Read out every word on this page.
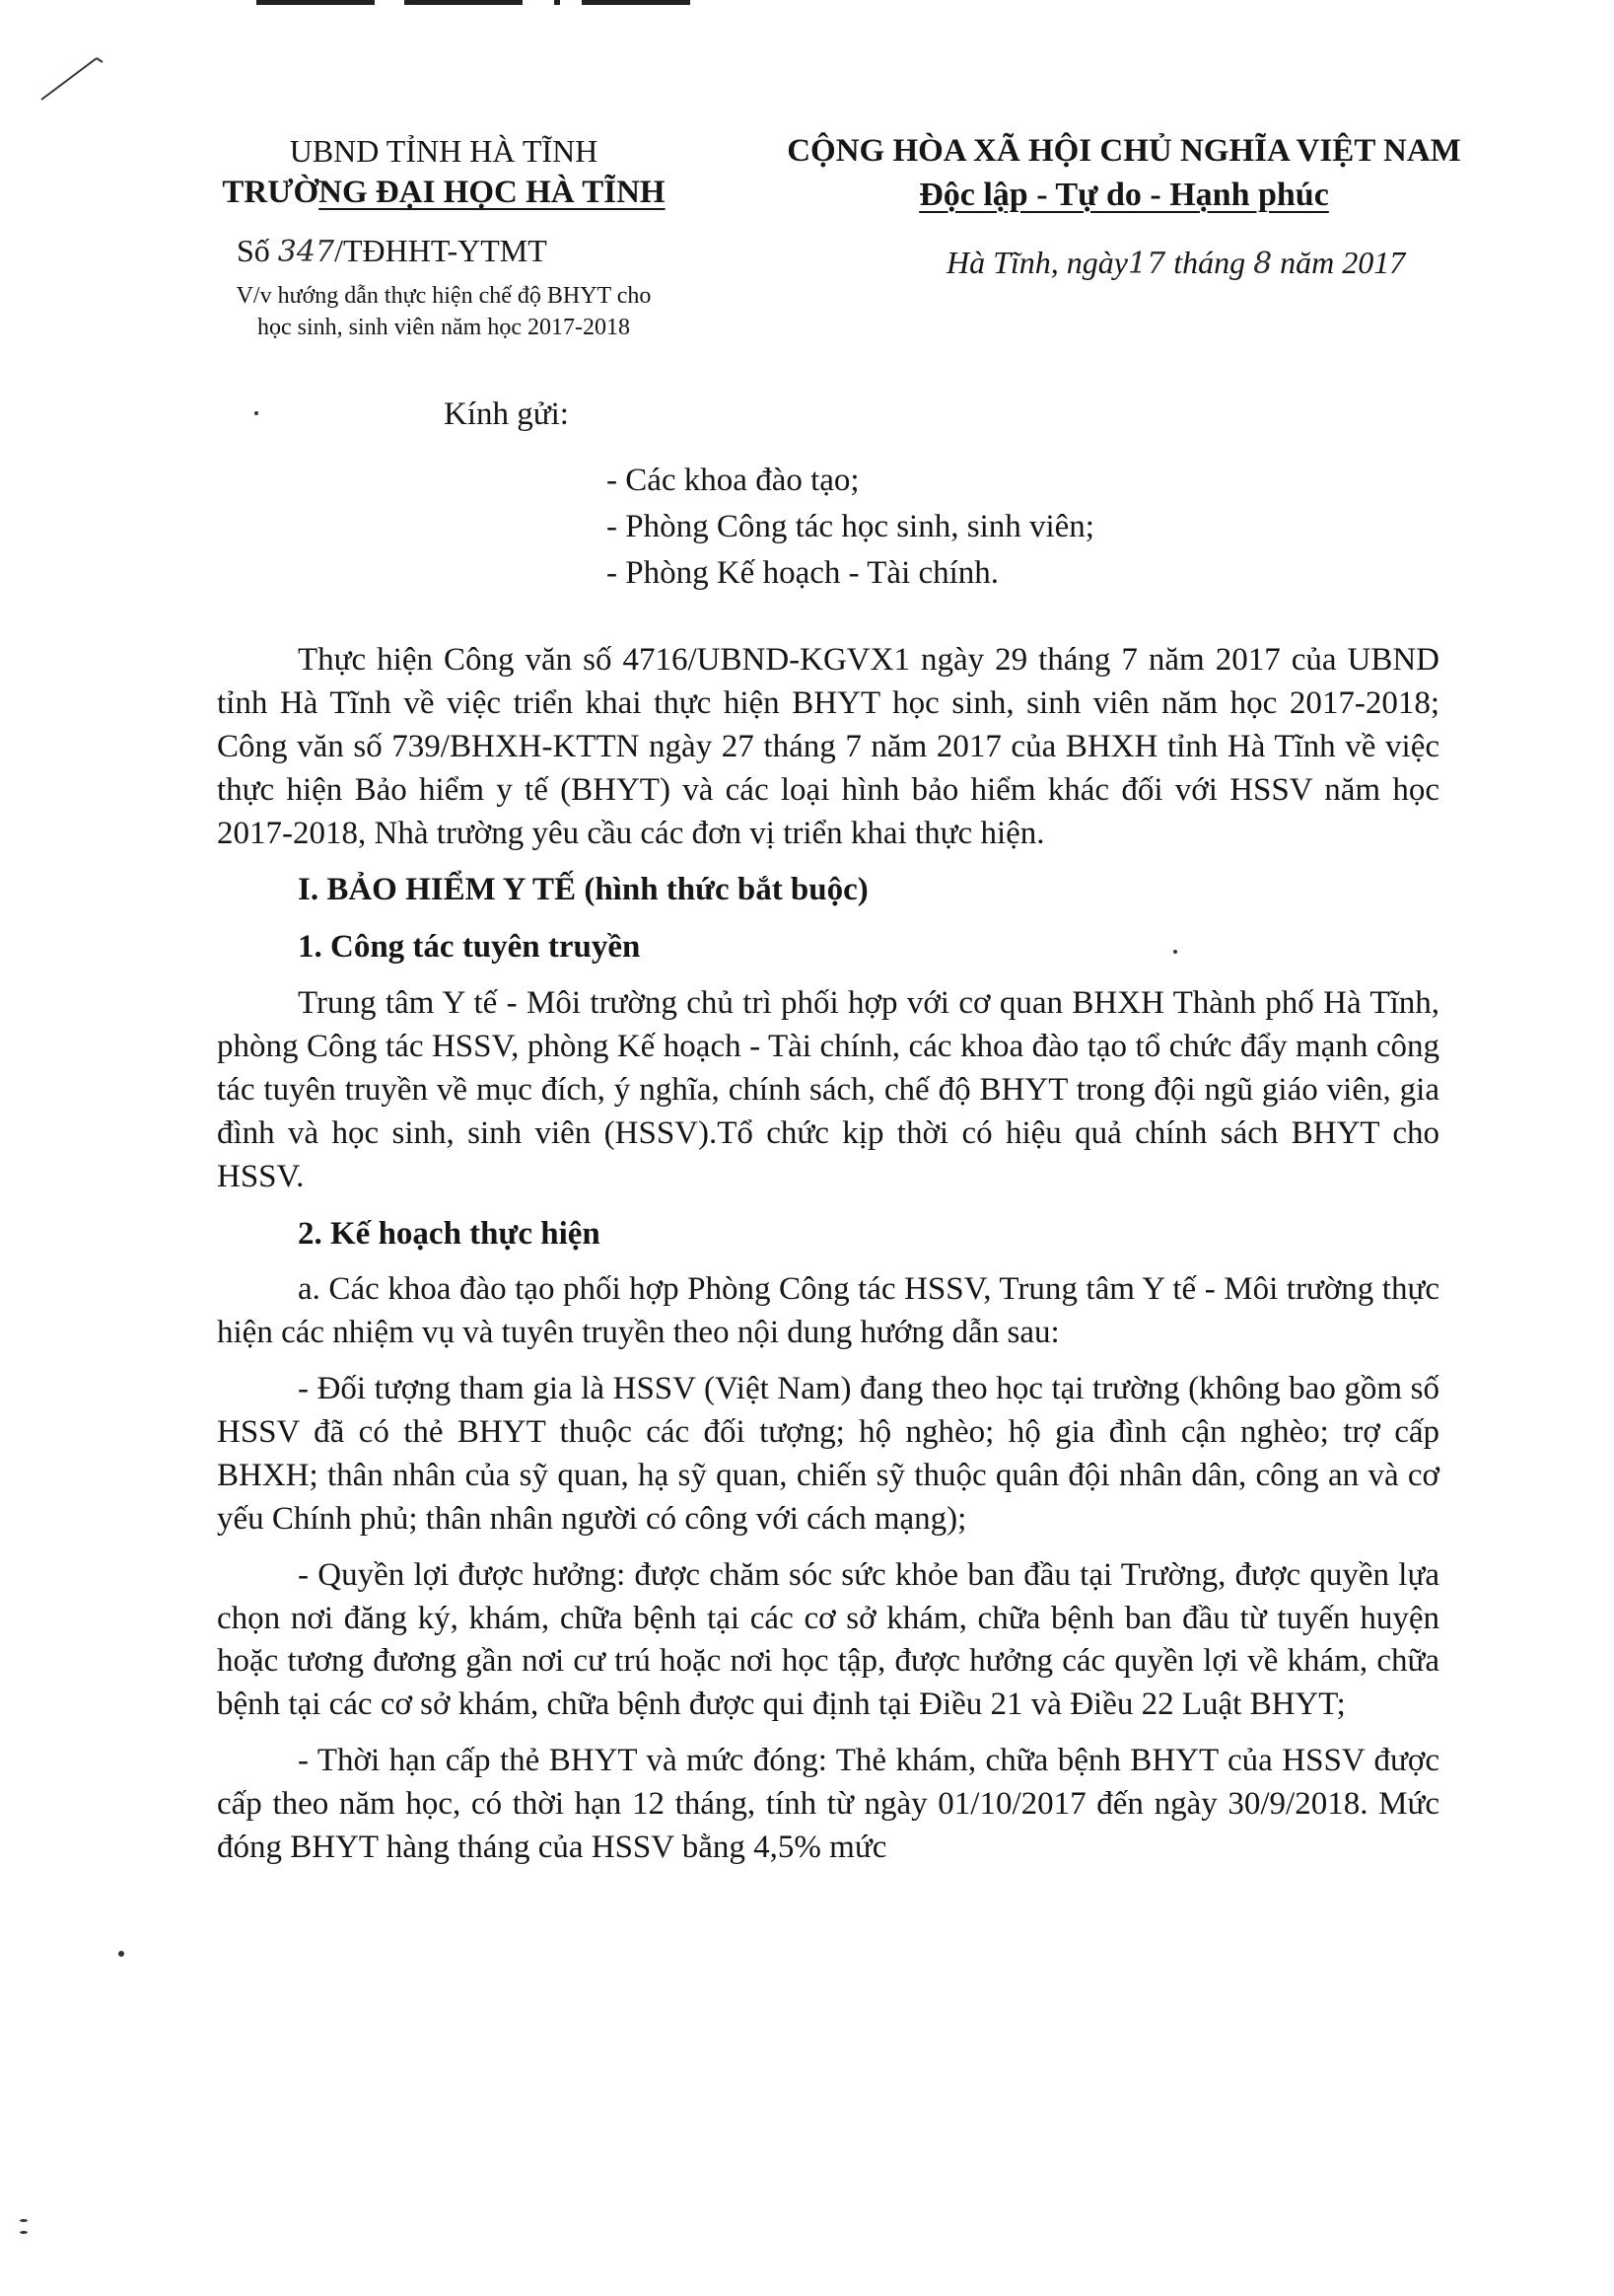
UBND TỈNH HÀ TĨNH
TRƯỜNG ĐẠI HỌC HÀ TĨNH
Số 347/TĐHHT-YTMT
V/v hướng dẫn thực hiện chế độ BHYT cho
học sinh, sinh viên năm học 2017-2018
CỘNG HÒA XÃ HỘI CHỦ NGHĨA VIỆT NAM
Độc lập - Tự do - Hạnh phúc
Hà Tĩnh, ngày17 tháng 8 năm 2017
Kính gửi:
- Các khoa đào tạo;
- Phòng Công tác học sinh, sinh viên;
- Phòng Kế hoạch - Tài chính.

Thực hiện Công văn số 4716/UBND-KGVX1 ngày 29 tháng 7 năm 2017 của UBND tỉnh Hà Tĩnh về việc triển khai thực hiện BHYT học sinh, sinh viên năm học 2017-2018; Công văn số 739/BHXH-KTTN ngày 27 tháng 7 năm 2017 của BHXH tỉnh Hà Tĩnh về việc thực hiện Bảo hiểm y tế (BHYT) và các loại hình bảo hiểm khác đối với HSSV năm học 2017-2018, Nhà trường yêu cầu các đơn vị triển khai thực hiện.

I. BẢO HIỂM Y TẾ (hình thức bắt buộc)
1. Công tác tuyên truyền

Trung tâm Y tế - Môi trường chủ trì phối hợp với cơ quan BHXH Thành phố Hà Tĩnh, phòng Công tác HSSV, phòng Kế hoạch - Tài chính, các khoa đào tạo tổ chức đẩy mạnh công tác tuyên truyền về mục đích, ý nghĩa, chính sách, chế độ BHYT trong đội ngũ giáo viên, gia đình và học sinh, sinh viên (HSSV).Tổ chức kịp thời có hiệu quả chính sách BHYT cho HSSV.

2. Kế hoạch thực hiện

a. Các khoa đào tạo phối hợp Phòng Công tác HSSV, Trung tâm Y tế - Môi trường thực hiện các nhiệm vụ và tuyên truyền theo nội dung hướng dẫn sau:

- Đối tượng tham gia là HSSV (Việt Nam) đang theo học tại trường (không bao gồm số HSSV đã có thẻ BHYT thuộc các đối tượng; hộ nghèo; hộ gia đình cận nghèo; trợ cấp BHXH; thân nhân của sỹ quan, hạ sỹ quan, chiến sỹ thuộc quân đội nhân dân, công an và cơ yếu Chính phủ; thân nhân người có công với cách mạng);

- Quyền lợi được hưởng: được chăm sóc sức khỏe ban đầu tại Trường, được quyền lựa chọn nơi đăng ký, khám, chữa bệnh tại các cơ sở khám, chữa bệnh ban đầu từ tuyến huyện hoặc tương đương gần nơi cư trú hoặc nơi học tập, được hưởng các quyền lợi về khám, chữa bệnh tại các cơ sở khám, chữa bệnh được qui định tại Điều 21 và Điều 22 Luật BHYT;

- Thời hạn cấp thẻ BHYT và mức đóng: Thẻ khám, chữa bệnh BHYT của HSSV được cấp theo năm học, có thời hạn 12 tháng, tính từ ngày 01/10/2017 đến ngày 30/9/2018. Mức đóng BHYT hàng tháng của HSSV bằng 4,5% mức
